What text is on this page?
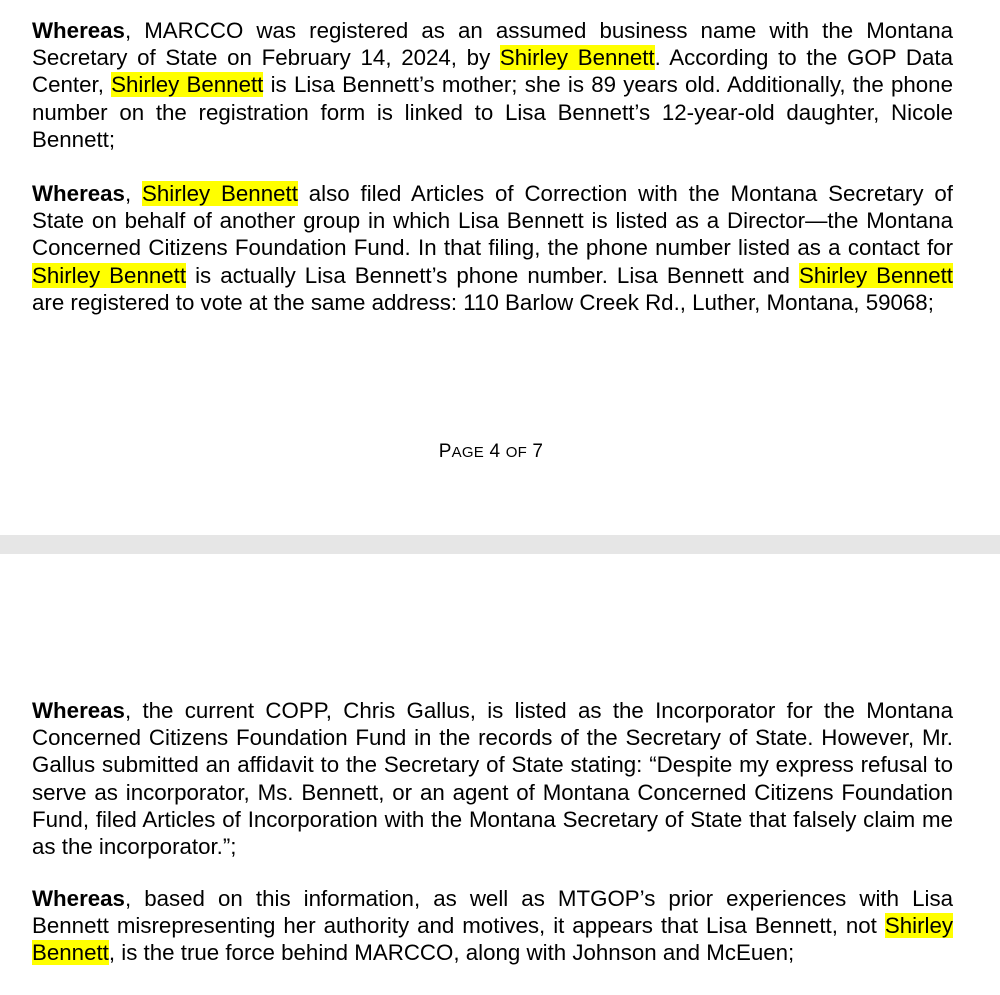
Whereas, MARCCO was registered as an assumed business name with the Montana Secretary of State on February 14, 2024, by Shirley Bennett. According to the GOP Data Center, Shirley Bennett is Lisa Bennett’s mother; she is 89 years old. Additionally, the phone number on the registration form is linked to Lisa Bennett’s 12-year-old daughter, Nicole Bennett;

Whereas, Shirley Bennett also filed Articles of Correction with the Montana Secretary of State on behalf of another group in which Lisa Bennett is listed as a Director—the Montana Concerned Citizens Foundation Fund. In that filing, the phone number listed as a contact for Shirley Bennett is actually Lisa Bennett’s phone number. Lisa Bennett and Shirley Bennett are registered to vote at the same address: 110 Barlow Creek Rd., Luther, Montana, 59068;

PAGE 4 OF 7

Whereas, the current COPP, Chris Gallus, is listed as the Incorporator for the Montana Concerned Citizens Foundation Fund in the records of the Secretary of State. However, Mr. Gallus submitted an affidavit to the Secretary of State stating: “Despite my express refusal to serve as incorporator, Ms. Bennett, or an agent of Montana Concerned Citizens Foundation Fund, filed Articles of Incorporation with the Montana Secretary of State that falsely claim me as the incorporator.”;

Whereas, based on this information, as well as MTGOP’s prior experiences with Lisa Bennett misrepresenting her authority and motives, it appears that Lisa Bennett, not Shirley Bennett, is the true force behind MARCCO, along with Johnson and McEuen;
